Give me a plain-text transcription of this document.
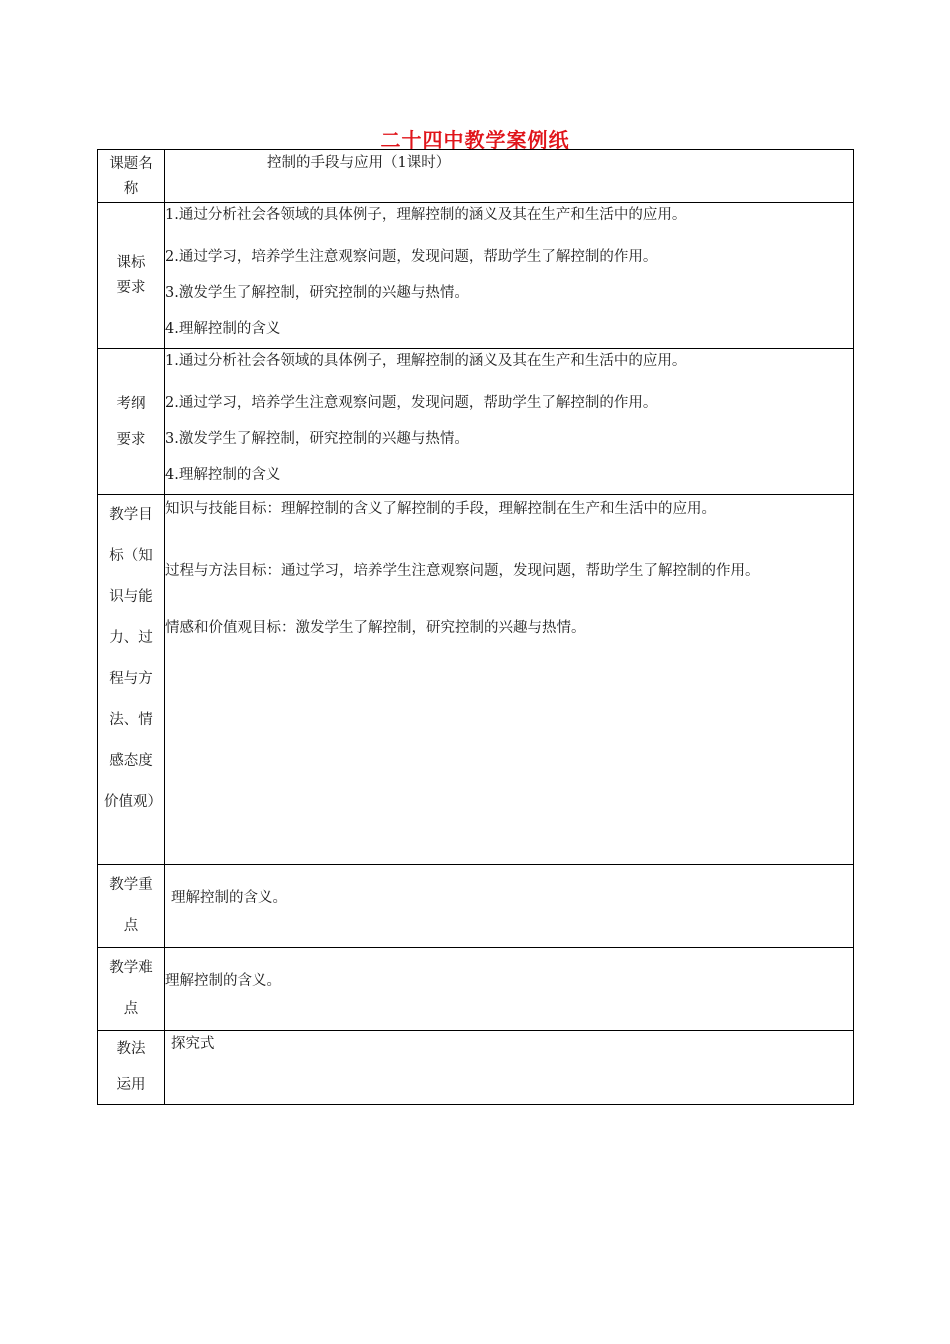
二十四中教学案例纸
课题名称	控制的手段与应用（1课时）

课标要求	1.通过分析社会各领域的具体例子，理解控制的涵义及其在生产和生活中的应用。
2.通过学习，培养学生注意观察问题，发现问题，帮助学生了解控制的作用。
3.激发学生了解控制，研究控制的兴趣与热情。
4.理解控制的含义

考纲要求	1.通过分析社会各领域的具体例子，理解控制的涵义及其在生产和生活中的应用。
2.通过学习，培养学生注意观察问题，发现问题，帮助学生了解控制的作用。
3.激发学生了解控制，研究控制的兴趣与热情。
4.理解控制的含义

教学目标（知识与能力、过程与方法、情感态度价值观）	知识与技能目标：理解控制的含义了解控制的手段，理解控制在生产和生活中的应用。
过程与方法目标：通过学习，培养学生注意观察问题，发现问题，帮助学生了解控制的作用。
情感和价值观目标：激发学生了解控制，研究控制的兴趣与热情。

教学重点	理解控制的含义。

教学难点	理解控制的含义。

教法运用	探究式
